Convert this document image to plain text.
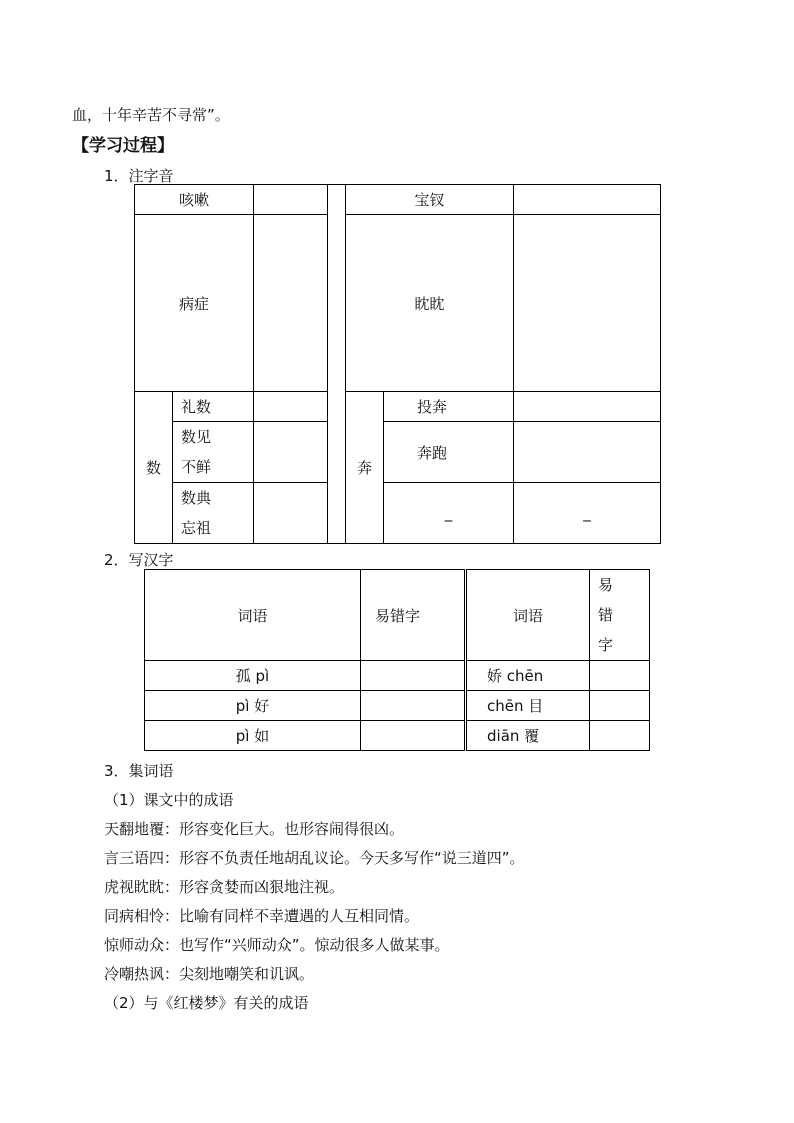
血，十年辛苦不寻常”。
【学习过程】
1．注字音
咳嗽				宝钗		
病症				眈眈		
数	礼数			奔	投奔	

	数见
不鲜				奔跑	

	数典
忘祖				_	_
2．写汉字
词语	易错字	词语	易
错
字

孤 pì		娇 chēn	
pì 好		chēn 目	
pì 如		diān 覆	
3．集词语
（1）课文中的成语
天翻地覆：形容变化巨大。也形容闹得很凶。
言三语四：形容不负责任地胡乱议论。今天多写作“说三道四”。
虎视眈眈：形容贪婪而凶狠地注视。
同病相怜：比喻有同样不幸遭遇的人互相同情。
惊师动众：也写作“兴师动众”。惊动很多人做某事。
冷嘲热讽：尖刻地嘲笑和讥讽。
（2）与《红楼梦》有关的成语
